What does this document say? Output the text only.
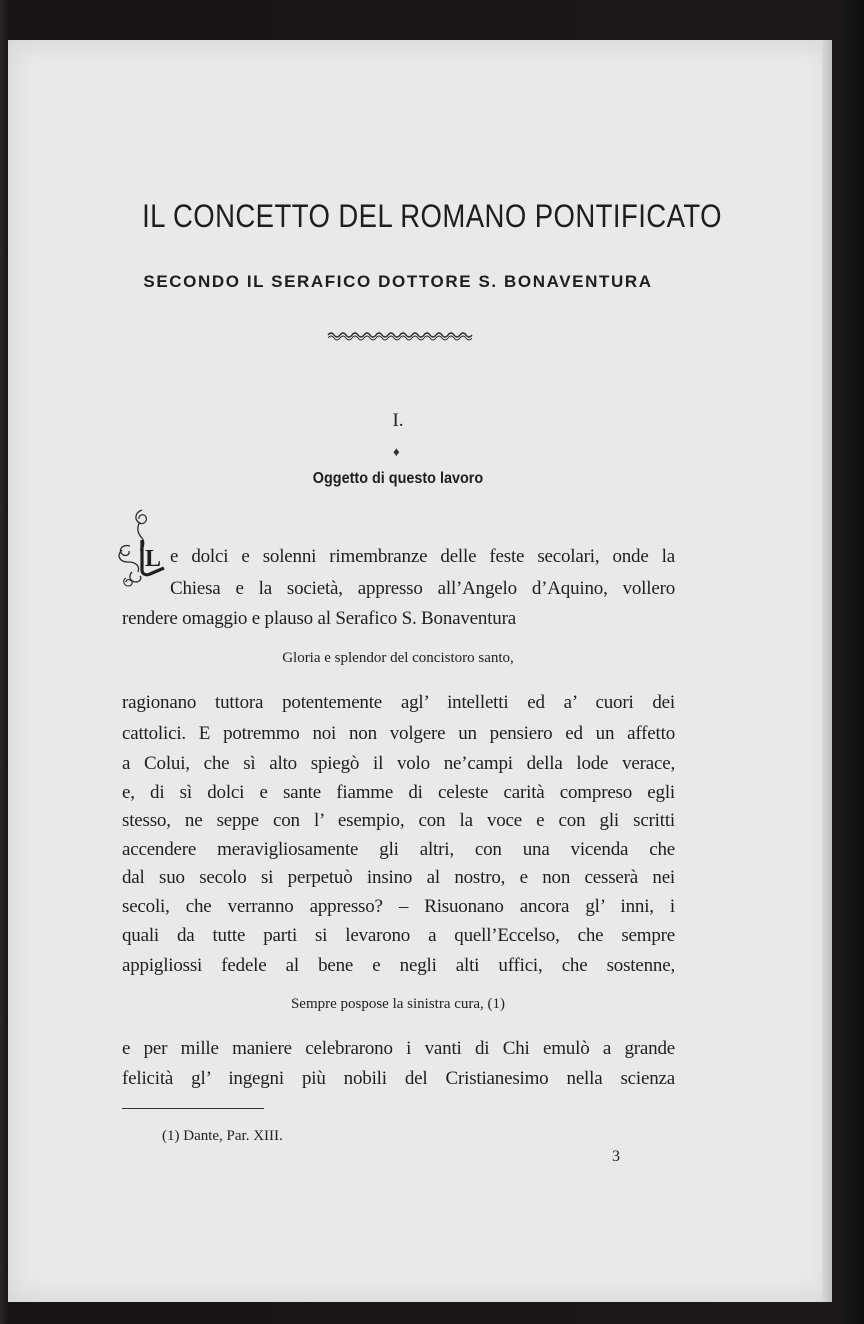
IL CONCETTO DEL ROMANO PONTIFICATO
SECONDO IL SERAFICO DOTTORE S. BONAVENTURA
I.
♦
Oggetto di questo lavoro
L e dolci e solenni rimembranze delle feste secolari, onde la
Chiesa e la società, appresso all’Angelo d’Aquino, vollero
rendere omaggio e plauso al Serafico S. Bonaventura
Gloria e splendor del concistoro santo,
ragionano tuttora potentemente agl’ intelletti ed a’ cuori dei
cattolici. E potremmo noi non volgere un pensiero ed un affetto
a Colui, che sì alto spiegò il volo ne’campi della lode verace,
e, di sì dolci e sante fiamme di celeste carità compreso egli
stesso, ne seppe con l’ esempio, con la voce e con gli scritti
accendere meravigliosamente gli altri, con una vicenda che
dal suo secolo si perpetuò insino al nostro, e non cesserà nei
secoli, che verranno appresso? – Risuonano ancora gl’ inni, i
quali da tutte parti si levarono a quell’Eccelso, che sempre
appigliossi fedele al bene e negli alti uffici, che sostenne,
Sempre pospose la sinistra cura, (1)
e per mille maniere celebrarono i vanti di Chi emulò a grande
felicità gl’ ingegni più nobili del Cristianesimo nella scienza
(1) Dante, Par. XIII.
3
